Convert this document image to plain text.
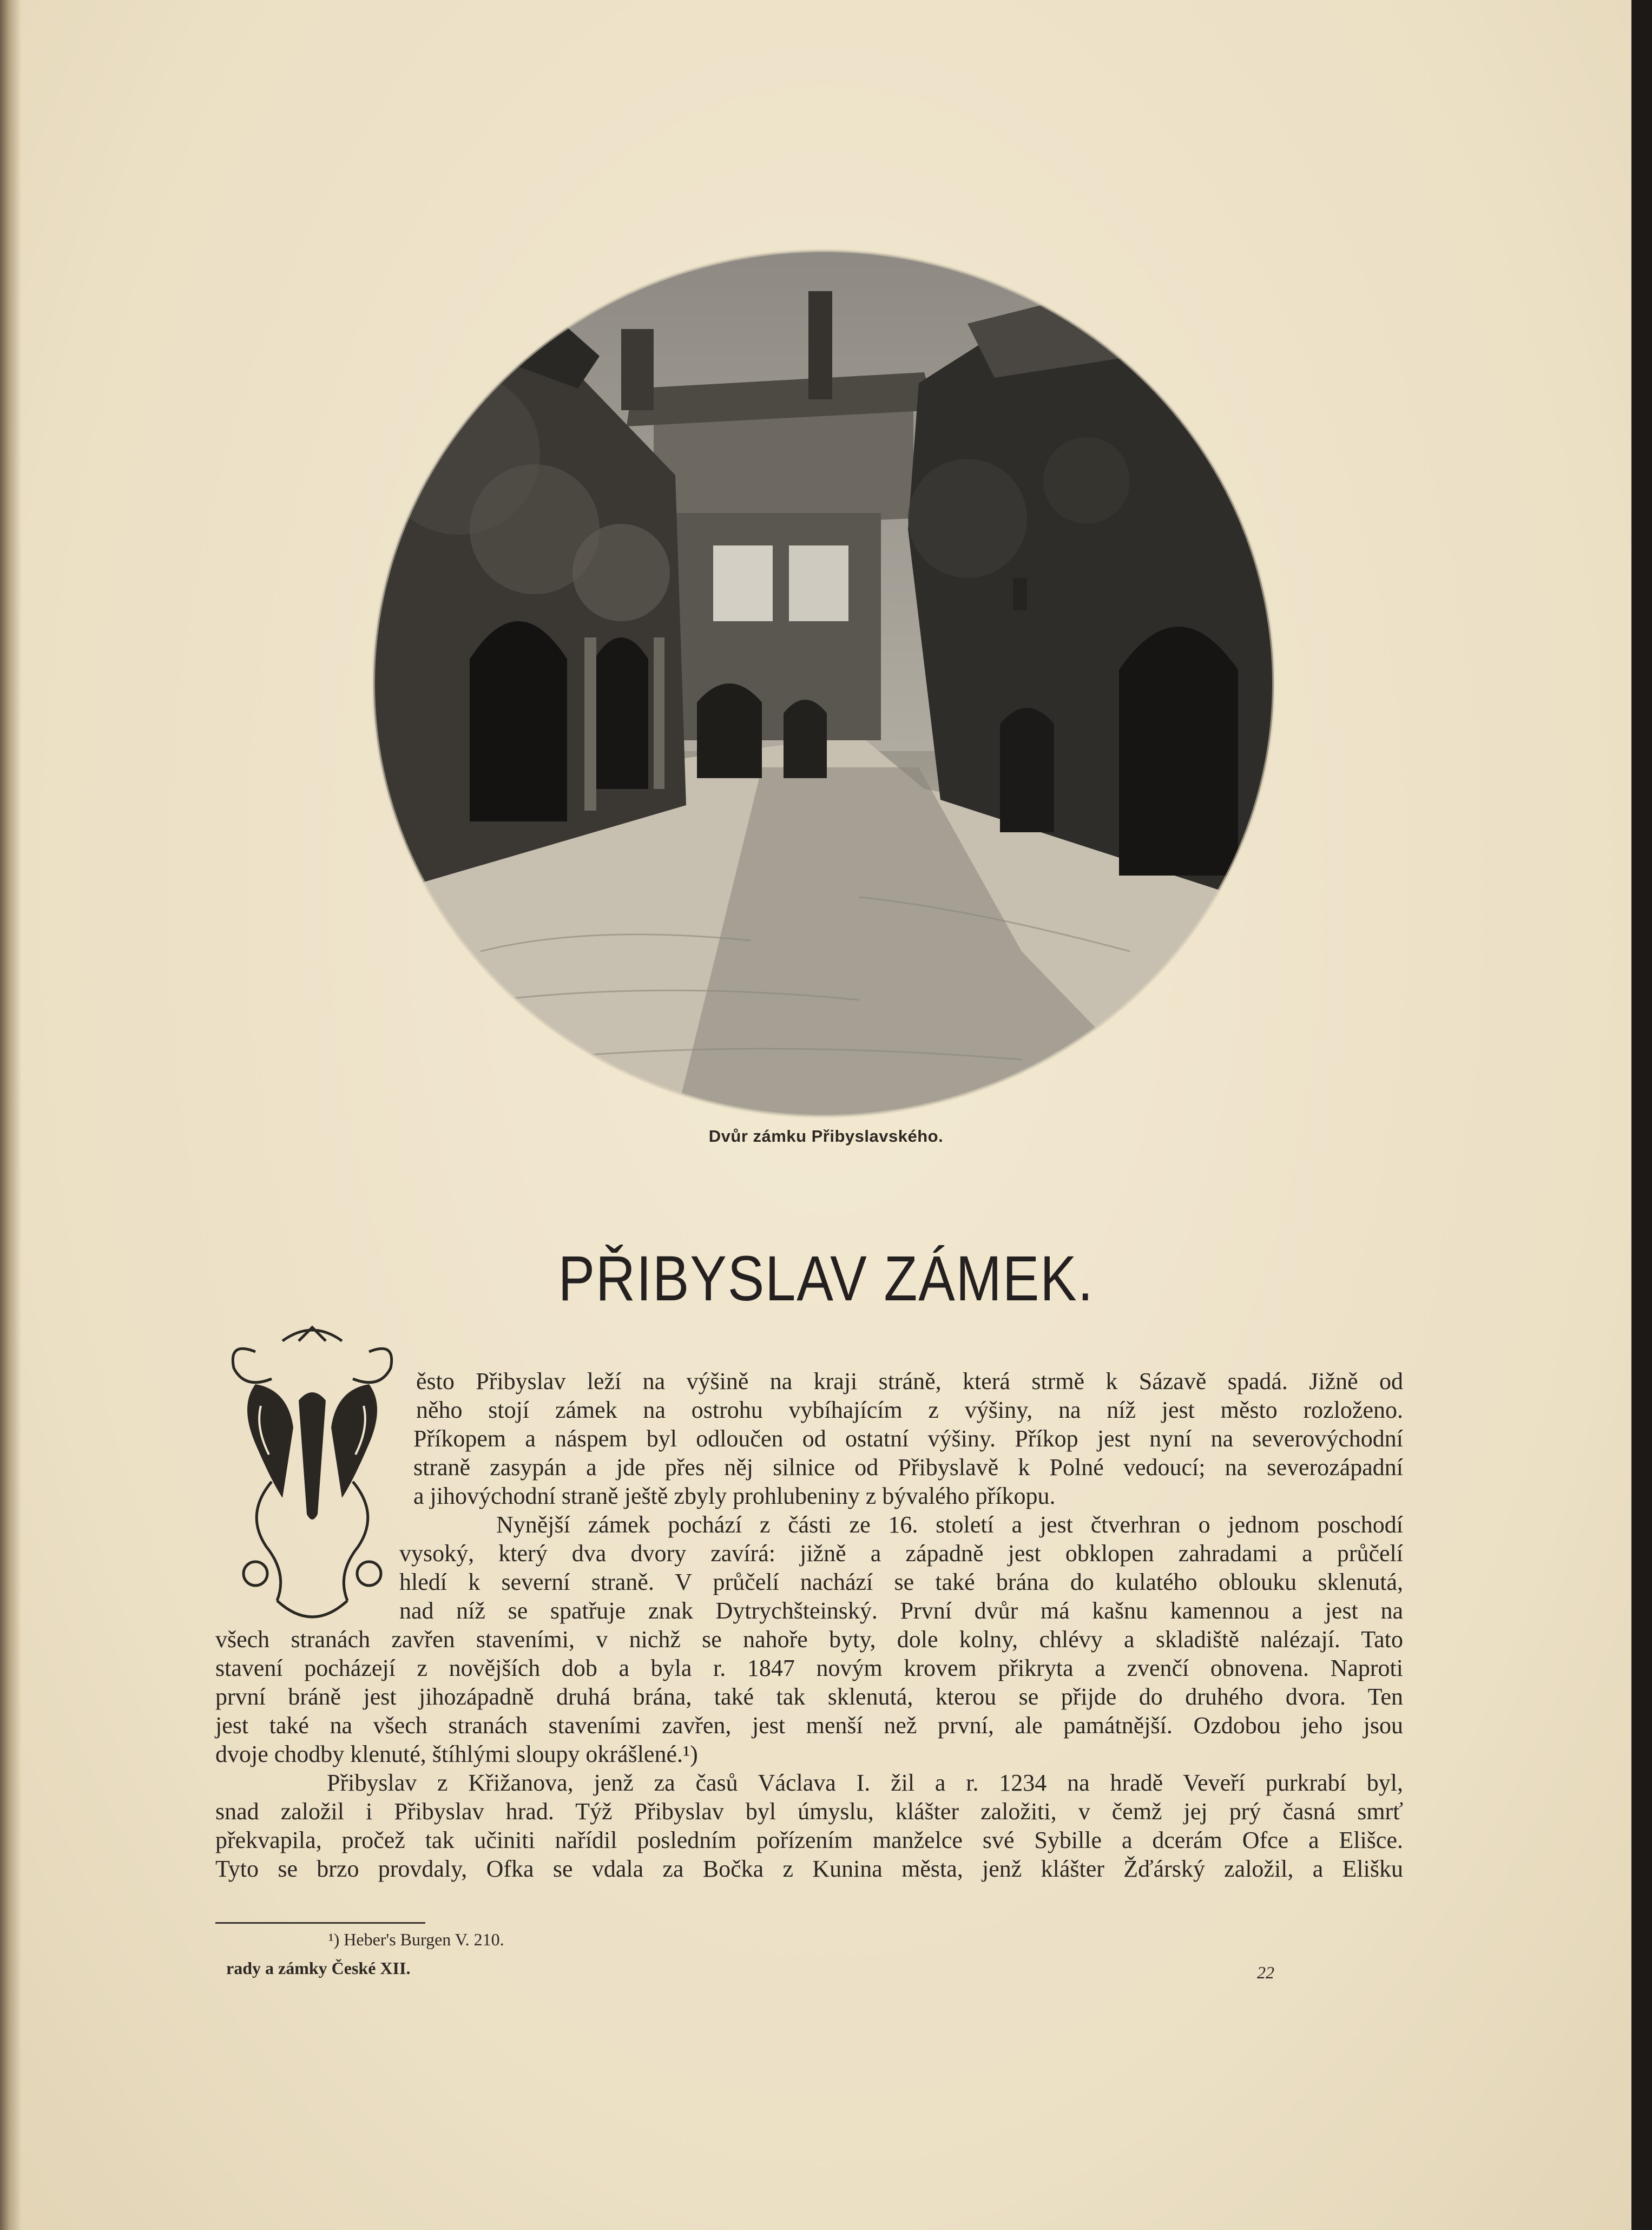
Dvůr zámku Přibyslavského.
PŘIBYSLAV ZÁMEK.
ěsto Přibyslav leží na výšině na kraji stráně, která strmě k Sázavě spadá. Jižně od
něho stojí zámek na ostrohu vybíhajícím z výšiny, na níž jest město rozloženo.
Příkopem a náspem byl odloučen od ostatní výšiny. Příkop jest nyní na severovýchodní
straně zasypán a jde přes něj silnice od Přibyslavě k Polné vedoucí; na severozápadní
a jihovýchodní straně ještě zbyly prohlubeniny z bývalého příkopu.
Nynější zámek pochází z části ze 16. století a jest čtverhran o jednom poschodí
vysoký, který dva dvory zavírá: jižně a západně jest obklopen zahradami a průčelí
hledí k severní straně. V průčelí nachází se také brána do kulatého oblouku sklenutá,
nad níž se spatřuje znak Dytrychšteinský. První dvůr má kašnu kamennou a jest na
všech stranách zavřen staveními, v nichž se nahoře byty, dole kolny, chlévy a skladiště nalézají. Tato
stavení pocházejí z novějších dob a byla r. 1847 novým krovem přikryta a zvenčí obnovena. Naproti
první bráně jest jihozápadně druhá brána, také tak sklenutá, kterou se přijde do druhého dvora. Ten
jest také na všech stranách staveními zavřen, jest menší než první, ale památnější. Ozdobou jeho jsou
dvoje chodby klenuté, štíhlými sloupy okrášlené.¹)
Přibyslav z Křižanova, jenž za časů Václava I. žil a r. 1234 na hradě Veveří purkrabí byl,
snad založil i Přibyslav hrad. Týž Přibyslav byl úmyslu, klášter založiti, v čemž jej prý časná smrť
překvapila, pročež tak učiniti nařídil posledním pořízením manželce své Sybille a dcerám Ofce a Elišce.
Tyto se brzo provdaly, Ofka se vdala za Bočka z Kunina města, jenž klášter Žďárský založil, a Elišku
¹) Heber's Burgen V. 210.
rady a zámky České XII.	22
